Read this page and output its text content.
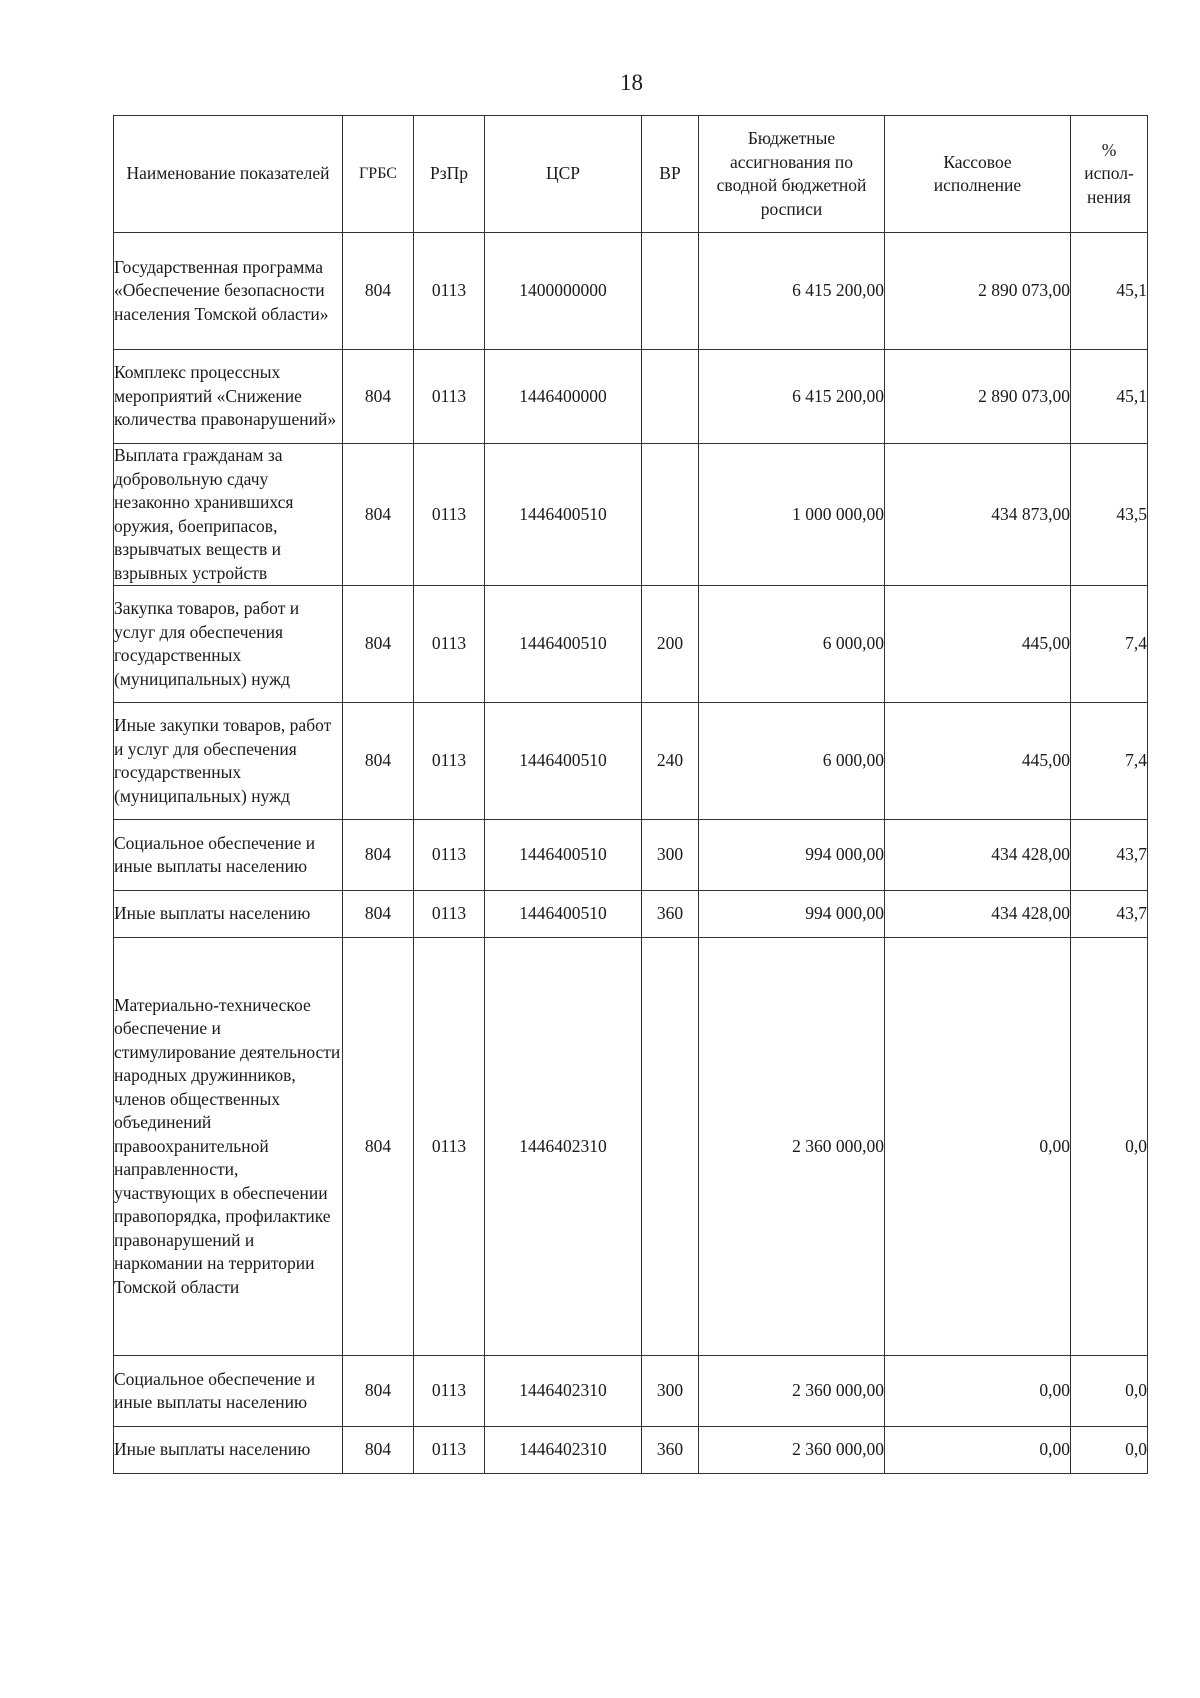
18
Наименование показателей	ГРБС	РзПр	ЦСР	ВР	Бюджетные ассигнования по сводной бюджетной росписи	Кассовое исполнение	% испол-нения
Государственная программа «Обеспечение безопасности населения Томской области»	804	0113	1400000000		6 415 200,00	2 890 073,00	45,1
Комплекс процессных мероприятий «Снижение количества правонарушений»	804	0113	1446400000		6 415 200,00	2 890 073,00	45,1
Выплата гражданам за добровольную сдачу незаконно хранившихся оружия, боеприпасов, взрывчатых веществ и взрывных устройств	804	0113	1446400510		1 000 000,00	434 873,00	43,5
Закупка товаров, работ и услуг для обеспечения государственных (муниципальных) нужд	804	0113	1446400510	200	6 000,00	445,00	7,4
Иные закупки товаров, работ и услуг для обеспечения государственных (муниципальных) нужд	804	0113	1446400510	240	6 000,00	445,00	7,4
Социальное обеспечение и иные выплаты населению	804	0113	1446400510	300	994 000,00	434 428,00	43,7
Иные выплаты населению	804	0113	1446400510	360	994 000,00	434 428,00	43,7
Материально-техническое обеспечение и стимулирование деятельности народных дружинников, членов общественных объединений правоохранительной направленности, участвующих в обеспечении правопорядка, профилактике правонарушений и наркомании на территории Томской области	804	0113	1446402310		2 360 000,00	0,00	0,0
Социальное обеспечение и иные выплаты населению	804	0113	1446402310	300	2 360 000,00	0,00	0,0
Иные выплаты населению	804	0113	1446402310	360	2 360 000,00	0,00	0,0
